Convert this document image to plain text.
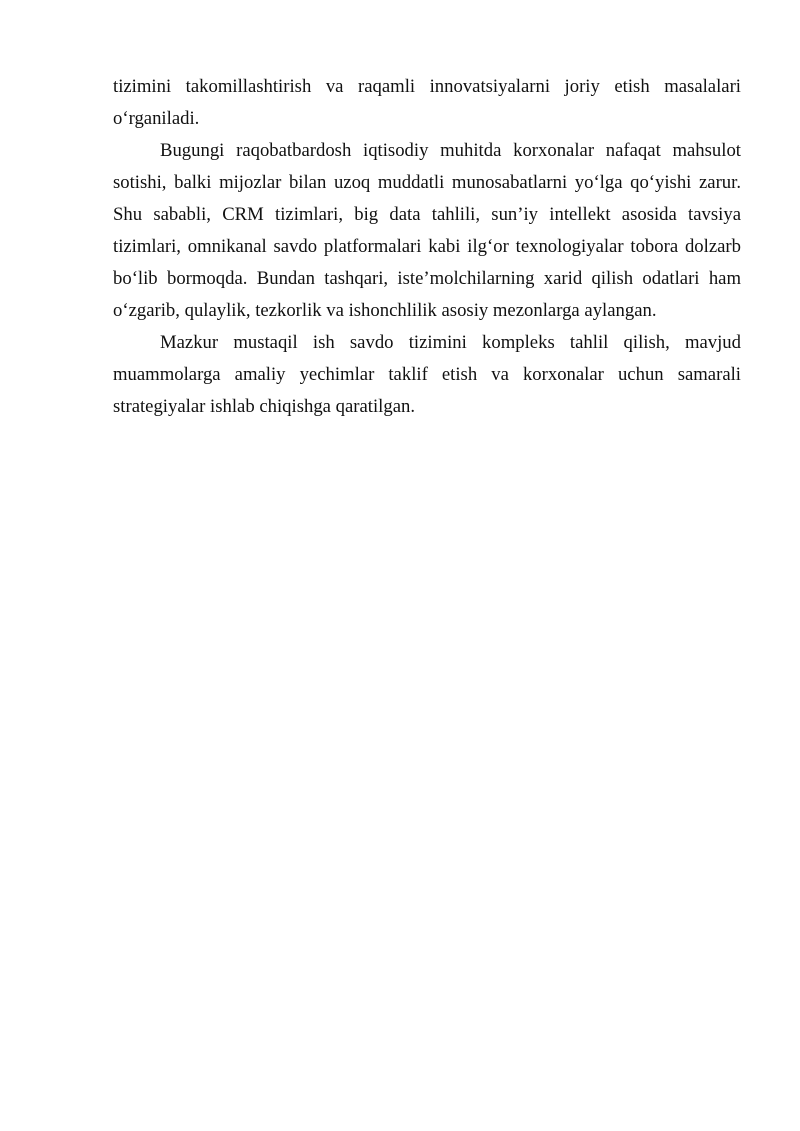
tizimini takomillashtirish va raqamli innovatsiyalarni joriy etish masalalari o‘rganiladi.

Bugungi raqobatbardosh iqtisodiy muhitda korxonalar nafaqat mahsulot sotishi, balki mijozlar bilan uzoq muddatli munosabatlarni yo‘lga qo‘yishi zarur. Shu sababli, CRM tizimlari, big data tahlili, sun’iy intellekt asosida tavsiya tizimlari, omnikanal savdo platformalari kabi ilg‘or texnologiyalar tobora dolzarb bo‘lib bormoqda. Bundan tashqari, iste’molchilarning xarid qilish odatlari ham o‘zgarib, qulaylik, tezkorlik va ishonchlilik asosiy mezonlarga aylangan.

Mazkur mustaqil ish savdo tizimini kompleks tahlil qilish, mavjud muammolarga amaliy yechimlar taklif etish va korxonalar uchun samarali strategiyalar ishlab chiqishga qaratilgan.
